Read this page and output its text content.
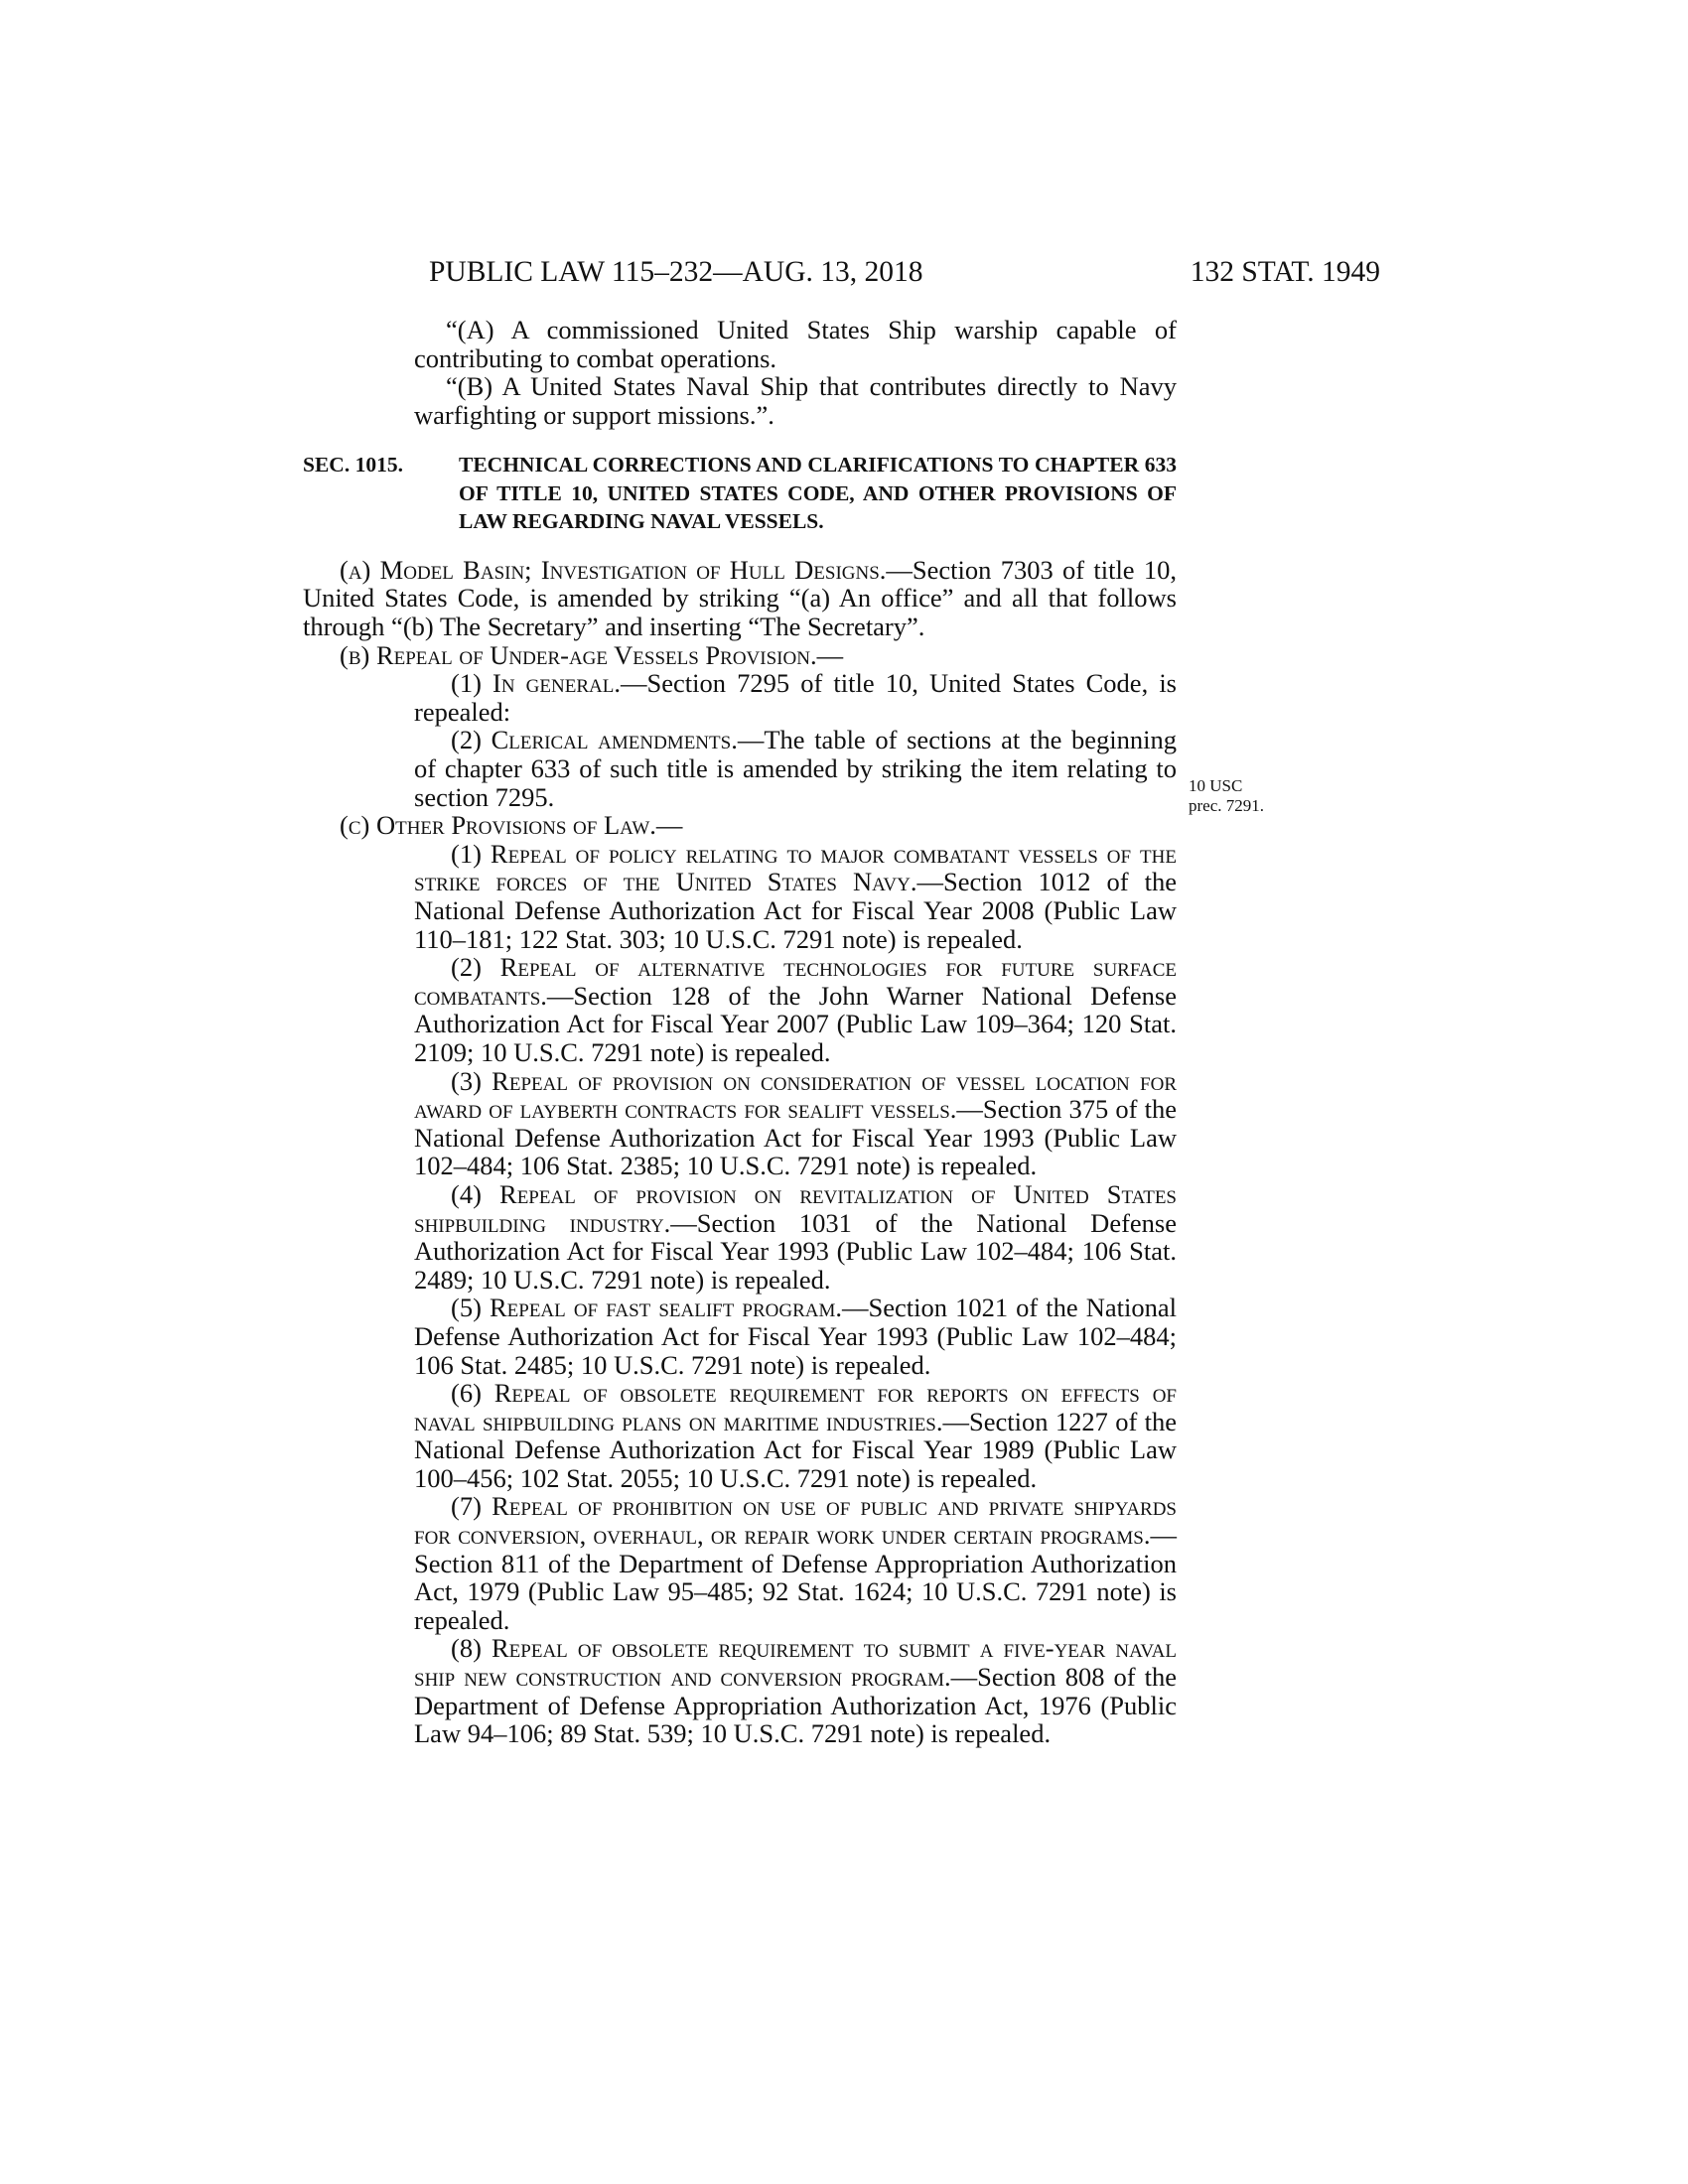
PUBLIC LAW 115–232—AUG. 13, 2018	132 STAT. 1949
10 USC
prec. 7291.

“(A) A commissioned United States Ship warship capable of contributing to combat operations.

“(B) A United States Naval Ship that contributes directly to Navy warfighting or support missions.”.

SEC. 1015.	TECHNICAL CORRECTIONS AND CLARIFICATIONS TO CHAPTER 633 OF TITLE 10, UNITED STATES CODE, AND OTHER PROVISIONS OF LAW REGARDING NAVAL VESSELS.

(a) Model Basin; Investigation of Hull Designs.—Section 7303 of title 10, United States Code, is amended by striking “(a) An office” and all that follows through “(b) The Secretary” and inserting “The Secretary”.

(b) Repeal of Under-age Vessels Provision.—

(1) In general.—Section 7295 of title 10, United States Code, is repealed:

(2) Clerical amendments.—The table of sections at the beginning of chapter 633 of such title is amended by striking the item relating to section 7295.

(c) Other Provisions of Law.—

(1) Repeal of policy relating to major combatant vessels of the strike forces of the United States Navy.—Section 1012 of the National Defense Authorization Act for Fiscal Year 2008 (Public Law 110–181; 122 Stat. 303; 10 U.S.C. 7291 note) is repealed.

(2) Repeal of alternative technologies for future surface combatants.—Section 128 of the John Warner National Defense Authorization Act for Fiscal Year 2007 (Public Law 109–364; 120 Stat. 2109; 10 U.S.C. 7291 note) is repealed.

(3) Repeal of provision on consideration of vessel location for award of layberth contracts for sealift vessels.—Section 375 of the National Defense Authorization Act for Fiscal Year 1993 (Public Law 102–484; 106 Stat. 2385; 10 U.S.C. 7291 note) is repealed.

(4) Repeal of provision on revitalization of United States shipbuilding industry.—Section 1031 of the National Defense Authorization Act for Fiscal Year 1993 (Public Law 102–484; 106 Stat. 2489; 10 U.S.C. 7291 note) is repealed.

(5) Repeal of fast sealift program.—Section 1021 of the National Defense Authorization Act for Fiscal Year 1993 (Public Law 102–484; 106 Stat. 2485; 10 U.S.C. 7291 note) is repealed.

(6) Repeal of obsolete requirement for reports on effects of naval shipbuilding plans on maritime industries.—Section 1227 of the National Defense Authorization Act for Fiscal Year 1989 (Public Law 100–456; 102 Stat. 2055; 10 U.S.C. 7291 note) is repealed.

(7) Repeal of prohibition on use of public and private shipyards for conversion, overhaul, or repair work under certain programs.—Section 811 of the Department of Defense Appropriation Authorization Act, 1979 (Public Law 95–485; 92 Stat. 1624; 10 U.S.C. 7291 note) is repealed.

(8) Repeal of obsolete requirement to submit a five-year naval ship new construction and conversion program.—Section 808 of the Department of Defense Appropriation Authorization Act, 1976 (Public Law 94–106; 89 Stat. 539; 10 U.S.C. 7291 note) is repealed.
